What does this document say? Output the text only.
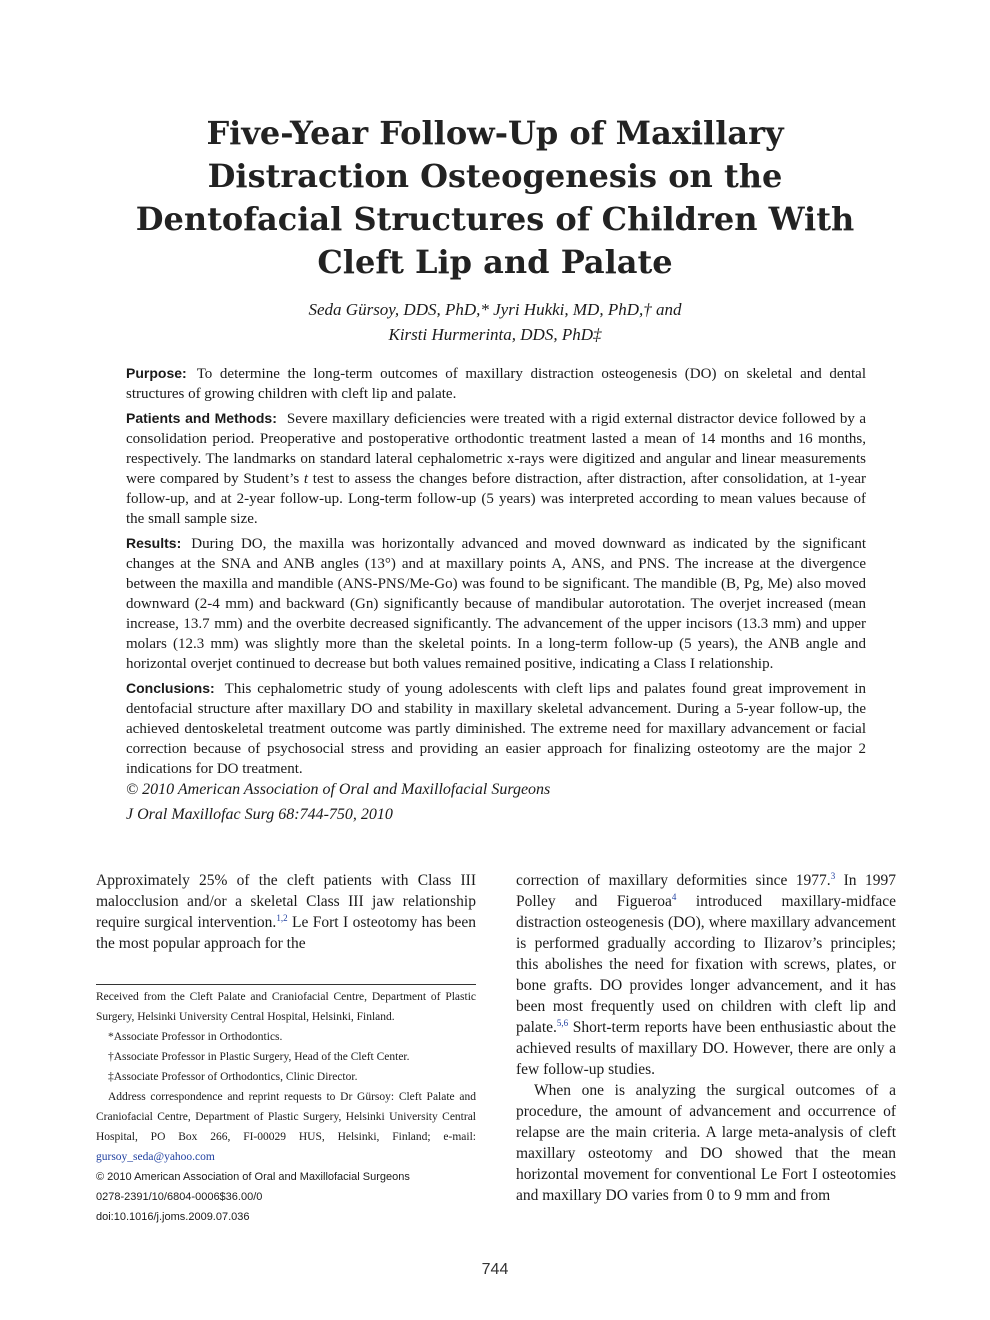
Five-Year Follow-Up of Maxillary
Distraction Osteogenesis on the
Dentofacial Structures of Children With
Cleft Lip and Palate
Seda Gürsoy, DDS, PhD,* Jyri Hukki, MD, PhD,† and
Kirsti Hurmerinta, DDS, PhD‡

Purpose: To determine the long-term outcomes of maxillary distraction osteogenesis (DO) on skeletal and dental structures of growing children with cleft lip and palate.

Patients and Methods: Severe maxillary deficiencies were treated with a rigid external distractor device followed by a consolidation period. Preoperative and postoperative orthodontic treatment lasted a mean of 14 months and 16 months, respectively. The landmarks on standard lateral cephalometric x-rays were digitized and angular and linear measurements were compared by Student’s t test to assess the changes before distraction, after distraction, after consolidation, at 1-year follow-up, and at 2-year follow-up. Long-term follow-up (5 years) was interpreted according to mean values because of the small sample size.

Results: During DO, the maxilla was horizontally advanced and moved downward as indicated by the significant changes at the SNA and ANB angles (13°) and at maxillary points A, ANS, and PNS. The increase at the divergence between the maxilla and mandible (ANS-PNS/Me-Go) was found to be significant. The mandible (B, Pg, Me) also moved downward (2-4 mm) and backward (Gn) significantly because of mandibular autorotation. The overjet increased (mean increase, 13.7 mm) and the overbite decreased significantly. The advancement of the upper incisors (13.3 mm) and upper molars (12.3 mm) was slightly more than the skeletal points. In a long-term follow-up (5 years), the ANB angle and horizontal overjet continued to decrease but both values remained positive, indicating a Class I relationship.

Conclusions: This cephalometric study of young adolescents with cleft lips and palates found great improvement in dentofacial structure after maxillary DO and stability in maxillary skeletal advancement. During a 5-year follow-up, the achieved dentoskeletal treatment outcome was partly diminished. The extreme need for maxillary advancement or facial correction because of psychosocial stress and providing an easier approach for finalizing osteotomy are the major 2 indications for DO treatment.

© 2010 American Association of Oral and Maxillofacial Surgeons

J Oral Maxillofac Surg 68:744-750, 2010

Approximately 25% of the cleft patients with Class III malocclusion and/or a skeletal Class III jaw relationship require surgical intervention.$^{1,2}$ Le Fort I osteotomy has been the most popular approach for the

Received from the Cleft Palate and Craniofacial Centre, Department of Plastic Surgery, Helsinki University Central Hospital, Helsinki, Finland.

*Associate Professor in Orthodontics.

†Associate Professor in Plastic Surgery, Head of the Cleft Center.

‡Associate Professor of Orthodontics, Clinic Director.

Address correspondence and reprint requests to Dr Gürsoy: Cleft Palate and Craniofacial Centre, Department of Plastic Surgery, Helsinki University Central Hospital, PO Box 266, FI-00029 HUS, Helsinki, Finland; e-mail: gursoy_seda@yahoo.com

© 2010 American Association of Oral and Maxillofacial Surgeons

0278-2391/10/6804-0006$36.00/0

doi:10.1016/j.joms.2009.07.036

correction of maxillary deformities since 1977.$^3$ In 1997 Polley and Figueroa$^4$ introduced maxillary-midface distraction osteogenesis (DO), where maxillary advancement is performed gradually according to Ilizarov’s principles; this abolishes the need for fixation with screws, plates, or bone grafts. DO provides longer advancement, and it has been most frequently used on children with cleft lip and palate.$^{5,6}$ Short-term reports have been enthusiastic about the achieved results of maxillary DO. However, there are only a few follow-up studies.

When one is analyzing the surgical outcomes of a procedure, the amount of advancement and occurrence of relapse are the main criteria. A large meta-analysis of cleft maxillary osteotomy and DO showed that the mean horizontal movement for conventional Le Fort I osteotomies and maxillary DO varies from 0 to 9 mm and from

744
